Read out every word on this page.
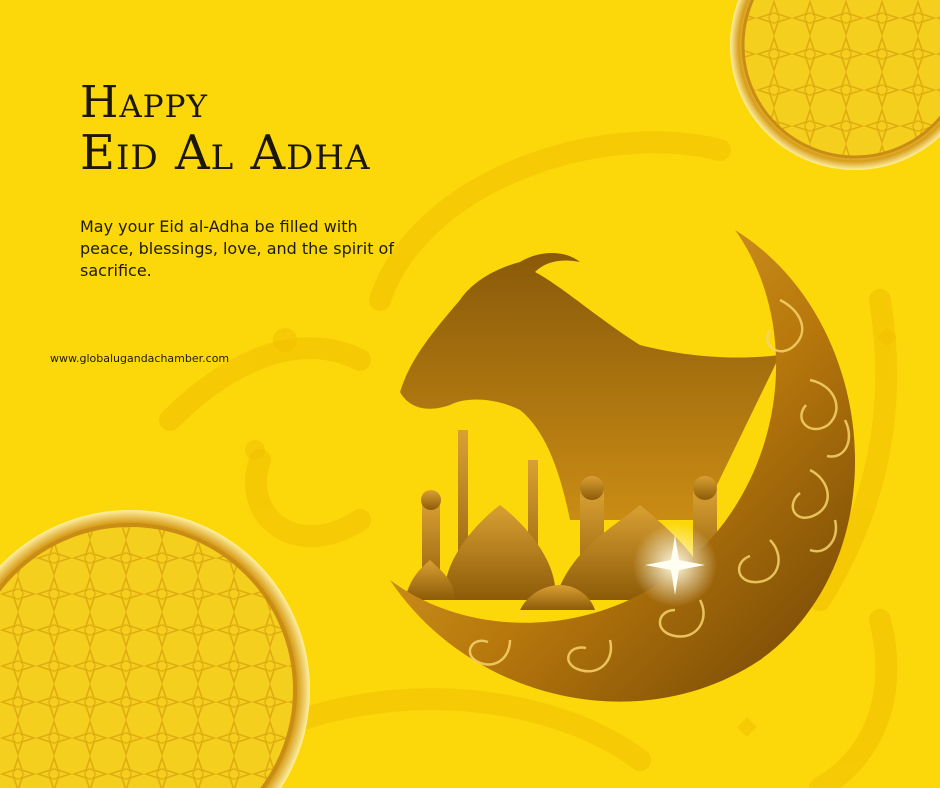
Happy
Eid Al Adha
May your Eid al-Adha be filled with peace, blessings, love, and the spirit of sacrifice.
www.globalugandachamber.com
